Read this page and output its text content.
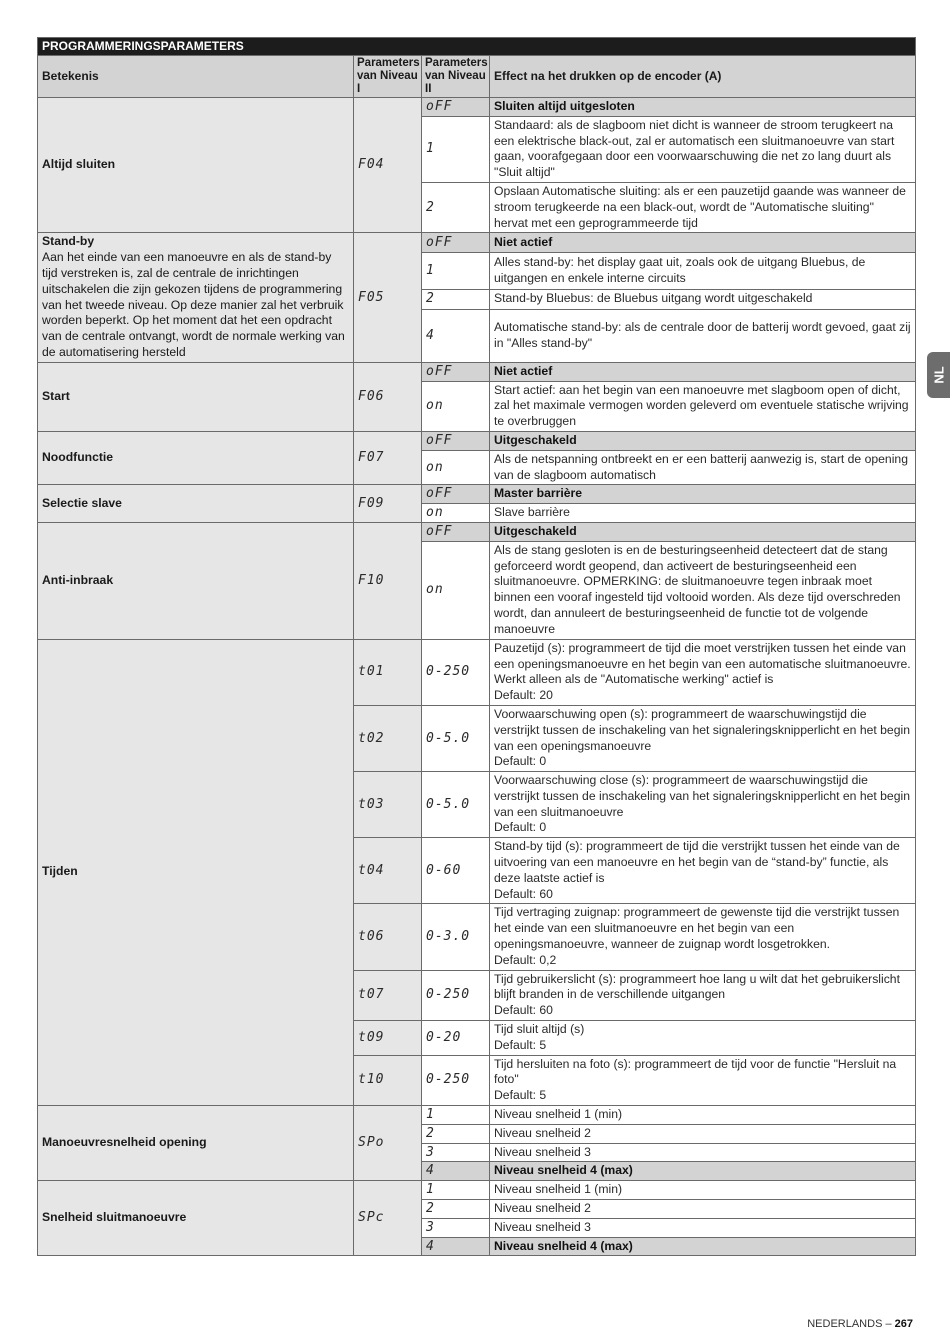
PROGRAMMERINGSPARAMETERS			
Betekenis	Parameters van Niveau I	Parameters van Niveau II	Effect na het drukken op de encoder (A)
Altijd sluiten	F04	oFF	Sluiten altijd uitgesloten
		1	Standaard: als de slagboom niet dicht is wanneer de stroom terugkeert na een elektrische black-out, zal er automatisch een sluitmanoeuvre van start gaan, voorafgegaan door een voorwaarschuwing die net zo lang duurt als "Sluit altijd"
		2	Opslaan Automatische sluiting: als er een pauzetijd gaande was wanneer de stroom terugkeerde na een black-out, wordt de "Automatische sluiting" hervat met een geprogrammeerde tijd
Stand-by
Aan het einde van een manoeuvre en als de stand-by tijd verstreken is, zal de centrale de inrichtingen uitschakelen die zijn gekozen tijdens de programmering van het tweede niveau. Op deze manier zal het verbruik worden beperkt. Op het moment dat het een opdracht van de centrale ontvangt, wordt de normale werking van de automatisering hersteld	F05	oFF	Niet actief
		1	Alles stand-by: het display gaat uit, zoals ook de uitgang Bluebus, de uitgangen en enkele interne circuits
		2	Stand-by Bluebus: de Bluebus uitgang wordt uitgeschakeld
		4	Automatische stand-by: als de centrale door de batterij wordt gevoed, gaat zij in "Alles stand-by"
Start	F06	oFF	Niet actief
		on	Start actief: aan het begin van een manoeuvre met slagboom open of dicht, zal het maximale vermogen worden geleverd om eventuele statische wrijving te overbruggen
Noodfunctie	F07	oFF	Uitgeschakeld
		on	Als de netspanning ontbreekt en er een batterij aanwezig is, start de opening van de slagboom automatisch
Selectie slave	F09	oFF	Master barrière
		on	Slave barrière
Anti-inbraak	F10	oFF	Uitgeschakeld
		on	Als de stang gesloten is en de besturingseenheid detecteert dat de stang geforceerd wordt geopend, dan activeert de besturingseenheid een sluitmanoeuvre. OPMERKING: de sluitmanoeuvre tegen inbraak moet binnen een vooraf ingesteld tijd voltooid worden. Als deze tijd overschreden wordt, dan annuleert de besturingseenheid de functie tot de volgende manoeuvre
Tijden	t01	0-250	Pauzetijd (s): programmeert de tijd die moet verstrijken tussen het einde van een openingsmanoeuvre en het begin van een automatische sluitmanoeuvre. Werkt alleen als de "Automatische werking" actief is
Default: 20
	t02	0-5.0	Voorwaarschuwing open (s): programmeert de waarschuwingstijd die verstrijkt tussen de inschakeling van het signaleringsknipperlicht en het begin van een openingsmanoeuvre
Default: 0
	t03	0-5.0	Voorwaarschuwing close (s): programmeert de waarschuwingstijd die verstrijkt tussen de inschakeling van het signaleringsknipperlicht en het begin van een sluitmanoeuvre
Default: 0
	t04	0-60	Stand-by tijd (s): programmeert de tijd die verstrijkt tussen het einde van de uitvoering van een manoeuvre en het begin van de “stand-by” functie, als deze laatste actief is
Default: 60
	t06	0-3.0	Tijd vertraging zuignap: programmeert de gewenste tijd die verstrijkt tussen het einde van een sluitmanoeuvre en het begin van een openingsmanoeuvre, wanneer de zuignap wordt losgetrokken.
Default: 0,2
	t07	0-250	Tijd gebruikerslicht (s): programmeert hoe lang u wilt dat het gebruikerslicht blijft branden in de verschillende uitgangen
Default: 60
	t09	0-20	Tijd sluit altijd (s)
Default: 5
	t10	0-250	Tijd hersluiten na foto (s): programmeert de tijd voor de functie "Hersluit na foto"
Default: 5
Manoeuvresnelheid opening	SPo	1	Niveau snelheid 1 (min)
		2	Niveau snelheid 2
		3	Niveau snelheid 3
		4	Niveau snelheid 4 (max)
Snelheid sluitmanoeuvre	SPc	1	Niveau snelheid 1 (min)
		2	Niveau snelheid 2
		3	Niveau snelheid 3
		4	Niveau snelheid 4 (max)
NL
NEDERLANDS – 267
